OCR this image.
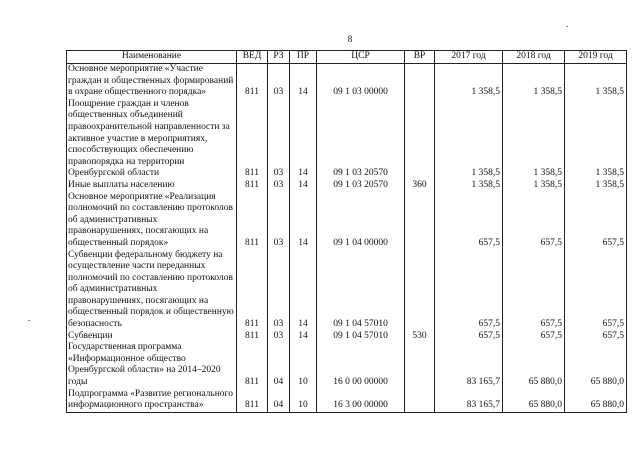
8
Наименование	ВЕД	РЗ	ПР	ЦСР	ВР	2017 год	2018 год	2019 год
Основное мероприятие «Участие граждан и общественных формирований в охране общественного порядка»	811	03	14	09 1 03 00000		1 358,5	1 358,5	1 358,5
Поощрение граждан и членов общественных объединений правоохранительной направленности за активное участие в мероприятиях, способствующих обеспечению правопорядка на территории Оренбургской области	811	03	14	09 1 03 20570		1 358,5	1 358,5	1 358,5
Иные выплаты населению	811	03	14	09 1 03 20570	360	1 358,5	1 358,5	1 358,5
Основное мероприятие «Реализация полномочий по составлению протоколов об административных правонарушениях, посягающих на общественный порядок»	811	03	14	09 1 04 00000		657,5	657,5	657,5
Субвенции федеральному бюджету на осуществление части переданных полномочий по составлению протоколов об административных правонарушениях, посягающих на общественный порядок и общественную безопасность	811	03	14	09 1 04 57010		657,5	657,5	657,5
Субвенции	811	03	14	09 1 04 57010	530	657,5	657,5	657,5
Государственная программа «Информационное общество Оренбургской области» на 2014–2020 годы	811	04	10	16 0 00 00000		83 165,7	65 880,0	65 880,0
Подпрограмма «Развитие регионального информационного пространства»	811	04	10	16 3 00 00000		83 165,7	65 880,0	65 880,0
